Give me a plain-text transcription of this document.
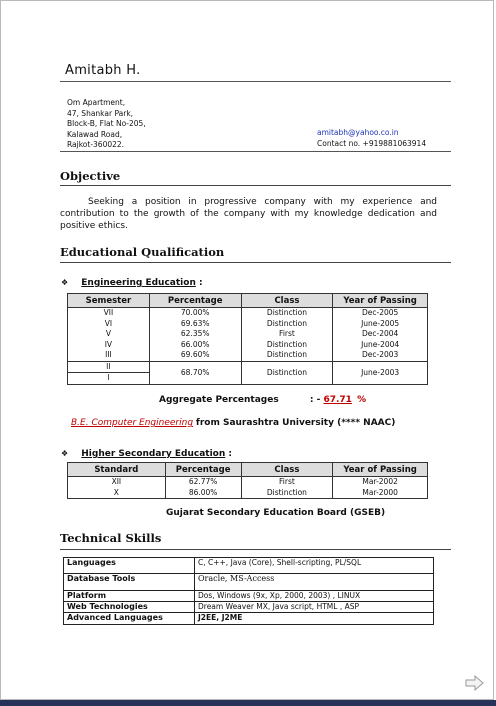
Amitabh H.
Om Apartment,
47, Shankar Park,
Block-B, Flat No-205,
Kalawad Road,
Rajkot-360022.
amitabh@yahoo.co.in
Contact no. +919881063914
Objective
Seeking a position in progressive company with my experience and contribution to the growth of the company with my knowledge dedication and positive ethics.
Educational Qualification
❖ Engineering Education :
Semester	Percentage	Class	Year of Passing
VII	70.00%	Distinction	Dec-2005
VI	69.63%	Distinction	June-2005
V	62.35%	First	Dec-2004
IV	66.00%	Distinction	June-2004
III	69.60%	Distinction	Dec-2003
II	68.70%	Distinction	June-2003
I			
Aggregate Percentages	: - 67.71 %
B.E. Computer Engineering from Saurashtra University (**** NAAC)
❖ Higher Secondary Education :
Standard	Percentage	Class	Year of Passing
XII	62.77%	First	Mar-2002
X	86.00%	Distinction	Mar-2000
Gujarat Secondary Education Board (GSEB)
Technical Skills
Languages	C, C++, Java (Core), Shell-scripting, PL/SQL
Database Tools	Oracle, MS-Access
Platform	Dos, Windows (9x, Xp, 2000, 2003) , LINUX
Web Technologies	Dream Weaver MX, Java script, HTML , ASP
Advanced Languages	J2EE, J2ME
